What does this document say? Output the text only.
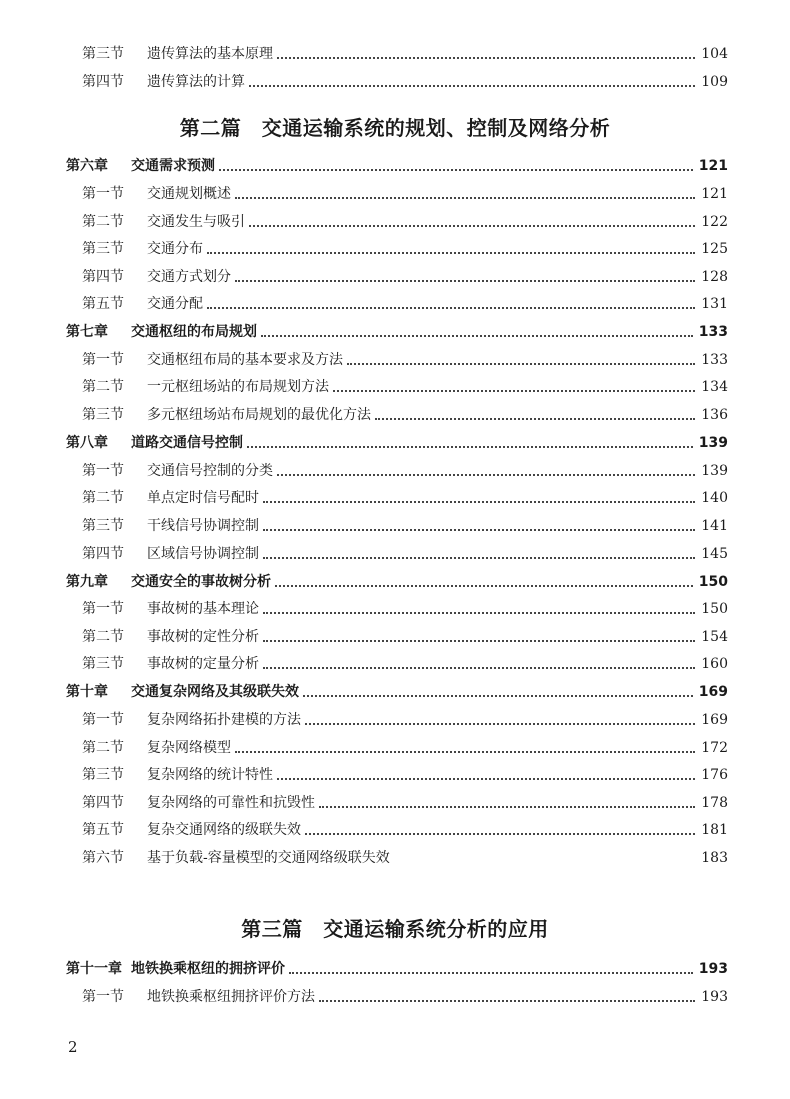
第三节 遗传算法的基本原理	104
第四节 遗传算法的计算	109
第二篇　交通运输系统的规划、控制及网络分析
第六章 交通需求预测	121
第一节 交通规划概述	121
第二节 交通发生与吸引	122
第三节 交通分布	125
第四节 交通方式划分	128
第五节 交通分配	131
第七章 交通枢纽的布局规划	133
第一节 交通枢纽布局的基本要求及方法	133
第二节 一元枢纽场站的布局规划方法	134
第三节 多元枢纽场站布局规划的最优化方法	136
第八章 道路交通信号控制	139
第一节 交通信号控制的分类	139
第二节 单点定时信号配时	140
第三节 干线信号协调控制	141
第四节 区域信号协调控制	145
第九章 交通安全的事故树分析	150
第一节 事故树的基本理论	150
第二节 事故树的定性分析	154
第三节 事故树的定量分析	160
第十章 交通复杂网络及其级联失效	169
第一节 复杂网络拓扑建模的方法	169
第二节 复杂网络模型	172
第三节 复杂网络的统计特性	176
第四节 复杂网络的可靠性和抗毁性	178
第五节 复杂交通网络的级联失效	181
第六节 基于负载-容量模型的交通网络级联失效	183
第三篇　交通运输系统分析的应用
第十一章 地铁换乘枢纽的拥挤评价	193
第一节 地铁换乘枢纽拥挤评价方法	193
2
